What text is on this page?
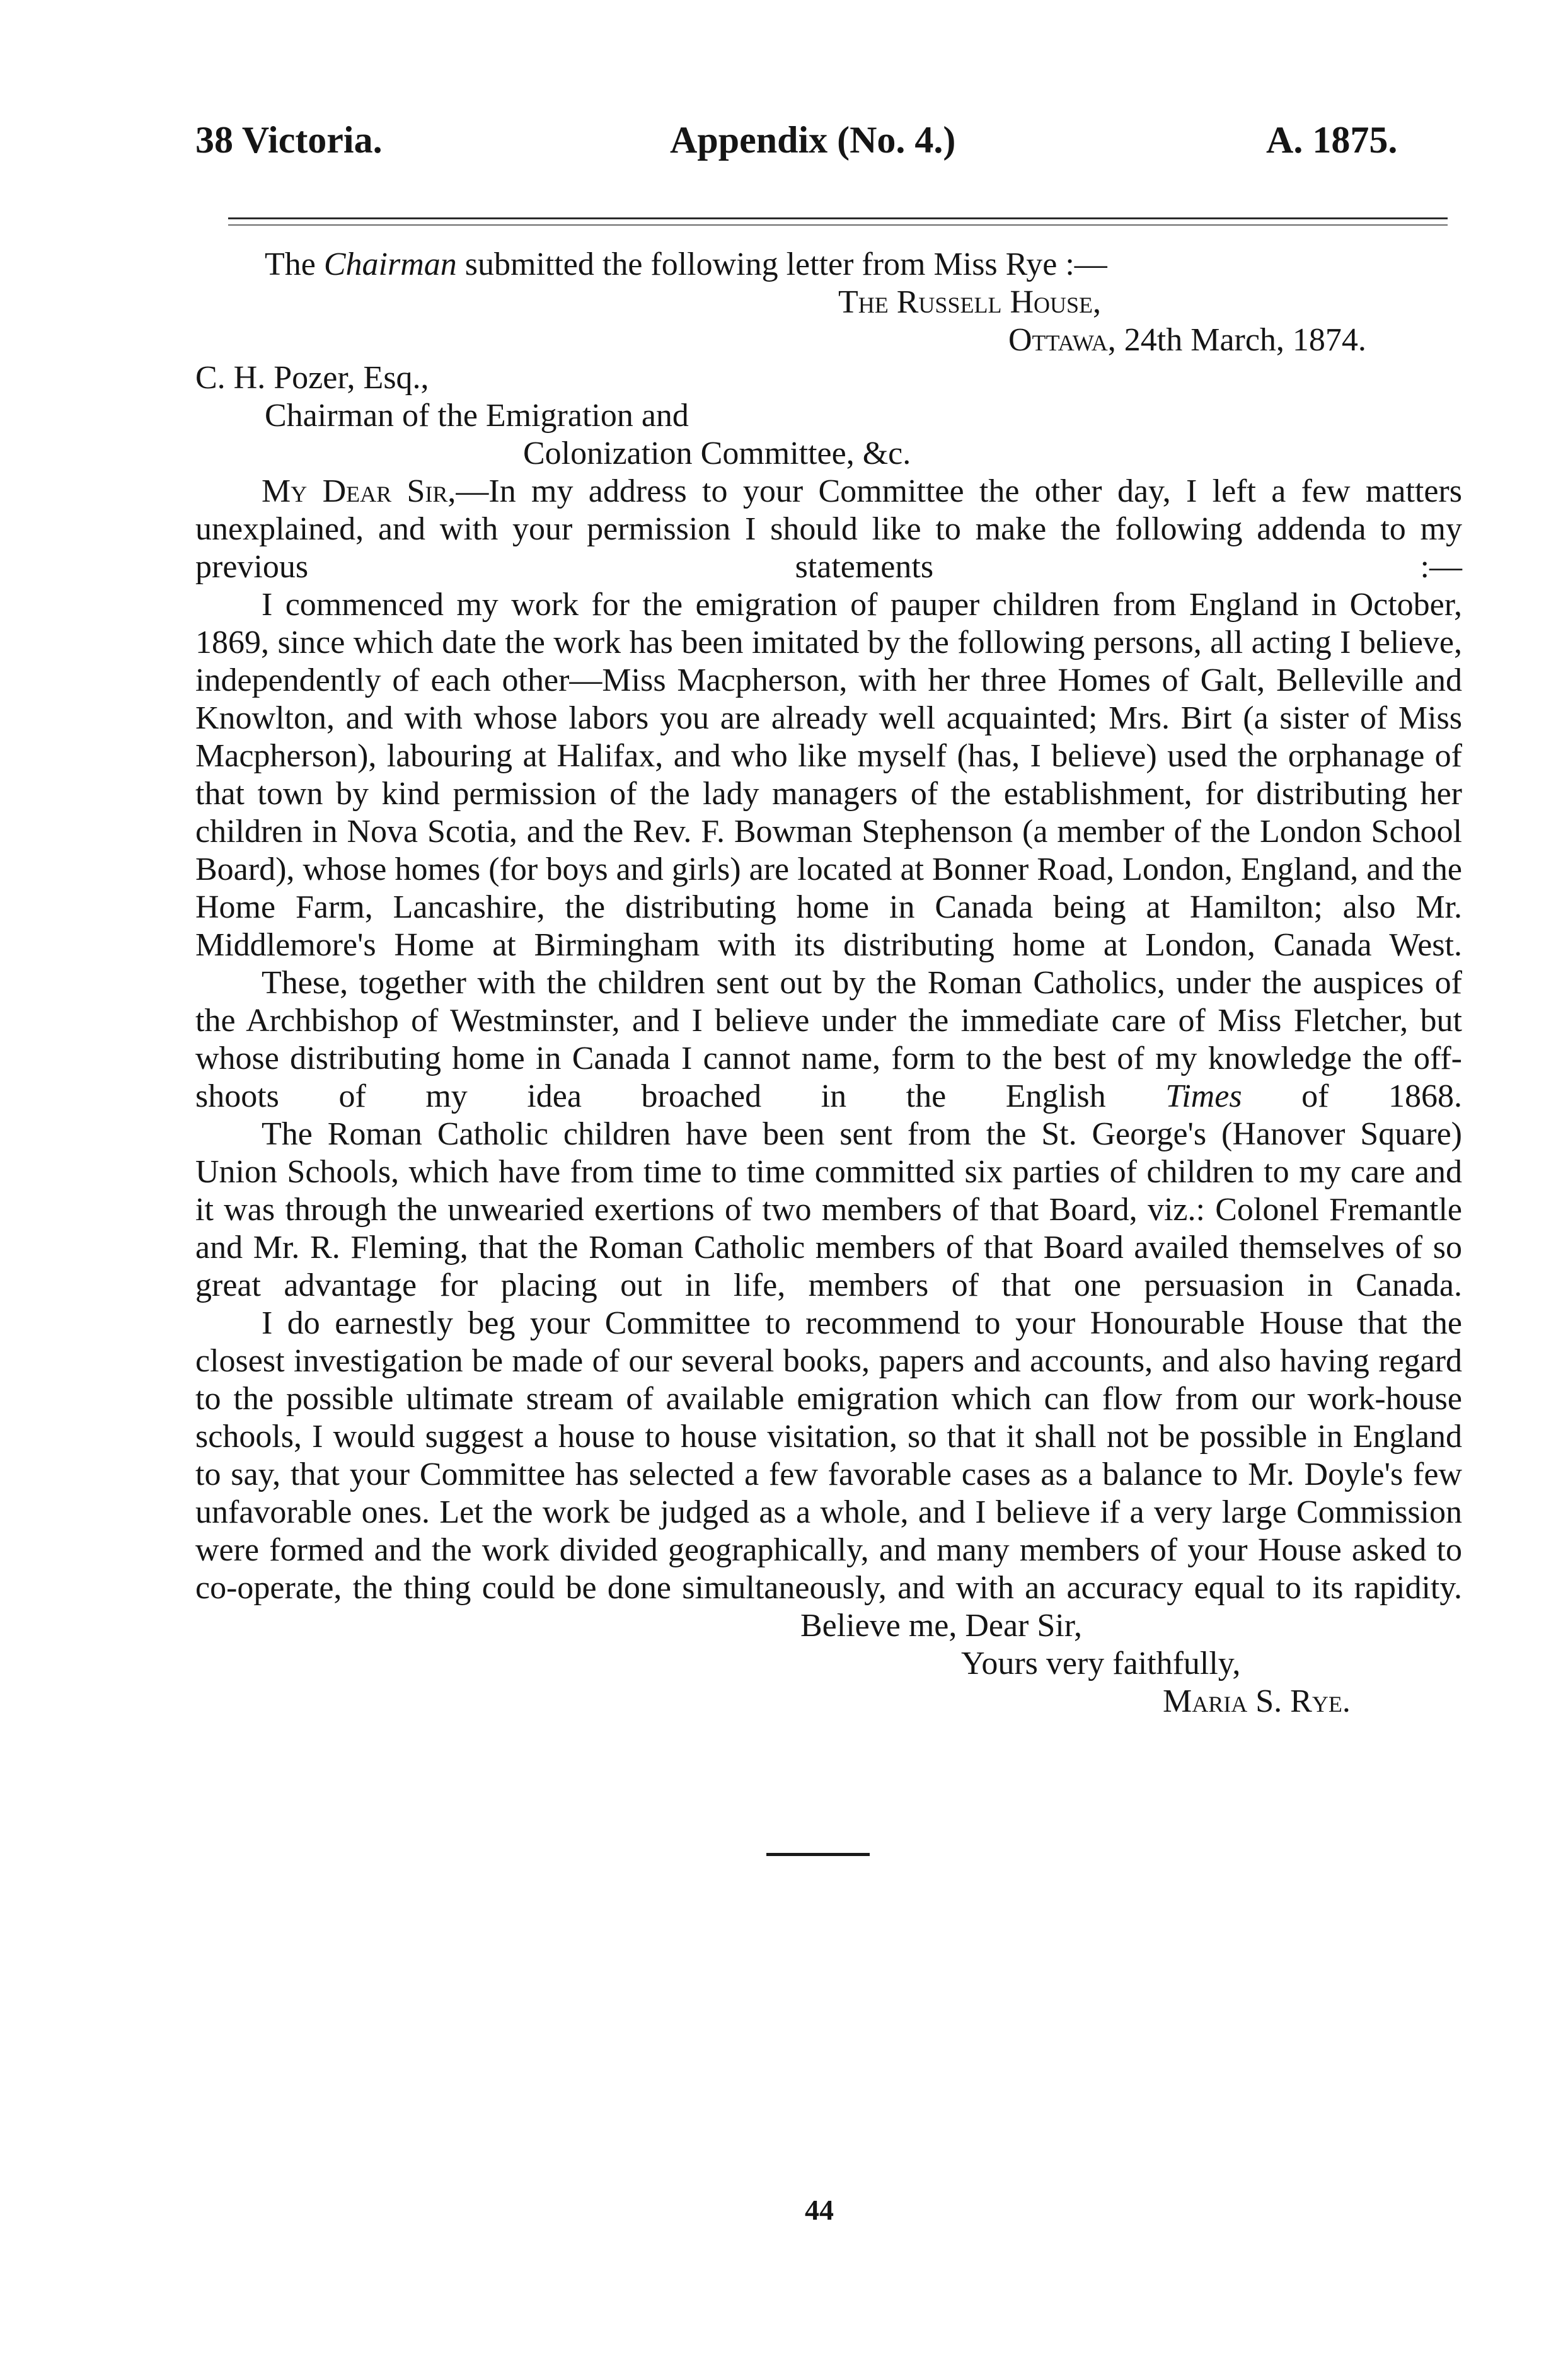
38 Victoria.	Appendix (No. 4.)	A. 1875.
The Chairman submitted the following letter from Miss Rye :—
The Russell House,
Ottawa, 24th March, 1874.
C. H. Pozer, Esq.,
Chairman of the Emigration and
Colonization Committee, &c.
My Dear Sir,—In my address to your Committee the other day, I left a few matters unexplained, and with your permission I should like to make the following addenda to my previous statements :—
I commenced my work for the emigration of pauper children from England in October, 1869, since which date the work has been imitated by the following persons, all acting I believe, independently of each other—Miss Macpherson, with her three Homes of Galt, Belleville and Knowlton, and with whose labors you are already well acquainted; Mrs. Birt (a sister of Miss Macpherson), labouring at Halifax, and who like myself (has, I believe) used the orphanage of that town by kind permission of the lady managers of the establishment, for distributing her children in Nova Scotia, and the Rev. F. Bowman Stephenson (a member of the London School Board), whose homes (for boys and girls) are located at Bonner Road, London, England, and the Home Farm, Lancashire, the distributing home in Canada being at Hamilton; also Mr. Middlemore's Home at Birmingham with its distributing home at London, Canada West.
These, together with the children sent out by the Roman Catholics, under the auspices of the Archbishop of Westminster, and I believe under the immediate care of Miss Fletcher, but whose distributing home in Canada I cannot name, form to the best of my knowledge the off-shoots of my idea broached in the English Times of 1868.
The Roman Catholic children have been sent from the St. George's (Hanover Square) Union Schools, which have from time to time committed six parties of children to my care and it was through the unwearied exertions of two members of that Board, viz.: Colonel Fremantle and Mr. R. Fleming, that the Roman Catholic members of that Board availed themselves of so great advantage for placing out in life, members of that one persuasion in Canada.
I do earnestly beg your Committee to recommend to your Honourable House that the closest investigation be made of our several books, papers and accounts, and also having regard to the possible ultimate stream of available emigration which can flow from our work-house schools, I would suggest a house to house visitation, so that it shall not be possible in England to say, that your Committee has selected a few favorable cases as a balance to Mr. Doyle's few unfavorable ones. Let the work be judged as a whole, and I believe if a very large Commission were formed and the work divided geographically, and many members of your House asked to co-operate, the thing could be done simultaneously, and with an accuracy equal to its rapidity.
Believe me, Dear Sir,
Yours very faithfully,
Maria S. Rye.
44
